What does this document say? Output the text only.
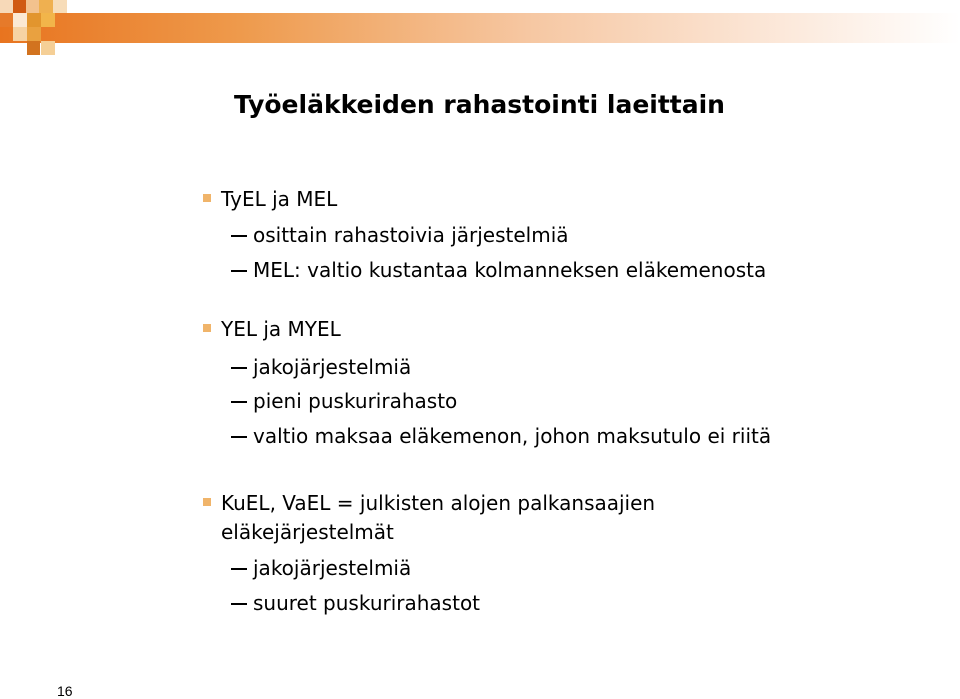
Työeläkkeiden rahastointi laeittain
TyEL ja MEL
osittain rahastoivia järjestelmiä
MEL: valtio kustantaa kolmanneksen eläkemenosta
YEL ja MYEL
jakojärjestelmiä
pieni puskurirahasto
valtio maksaa eläkemenon, johon maksutulo ei riitä
KuEL, VaEL = julkisten alojen palkansaajien
eläkejärjestelmät
jakojärjestelmiä
suuret puskurirahastot
16
